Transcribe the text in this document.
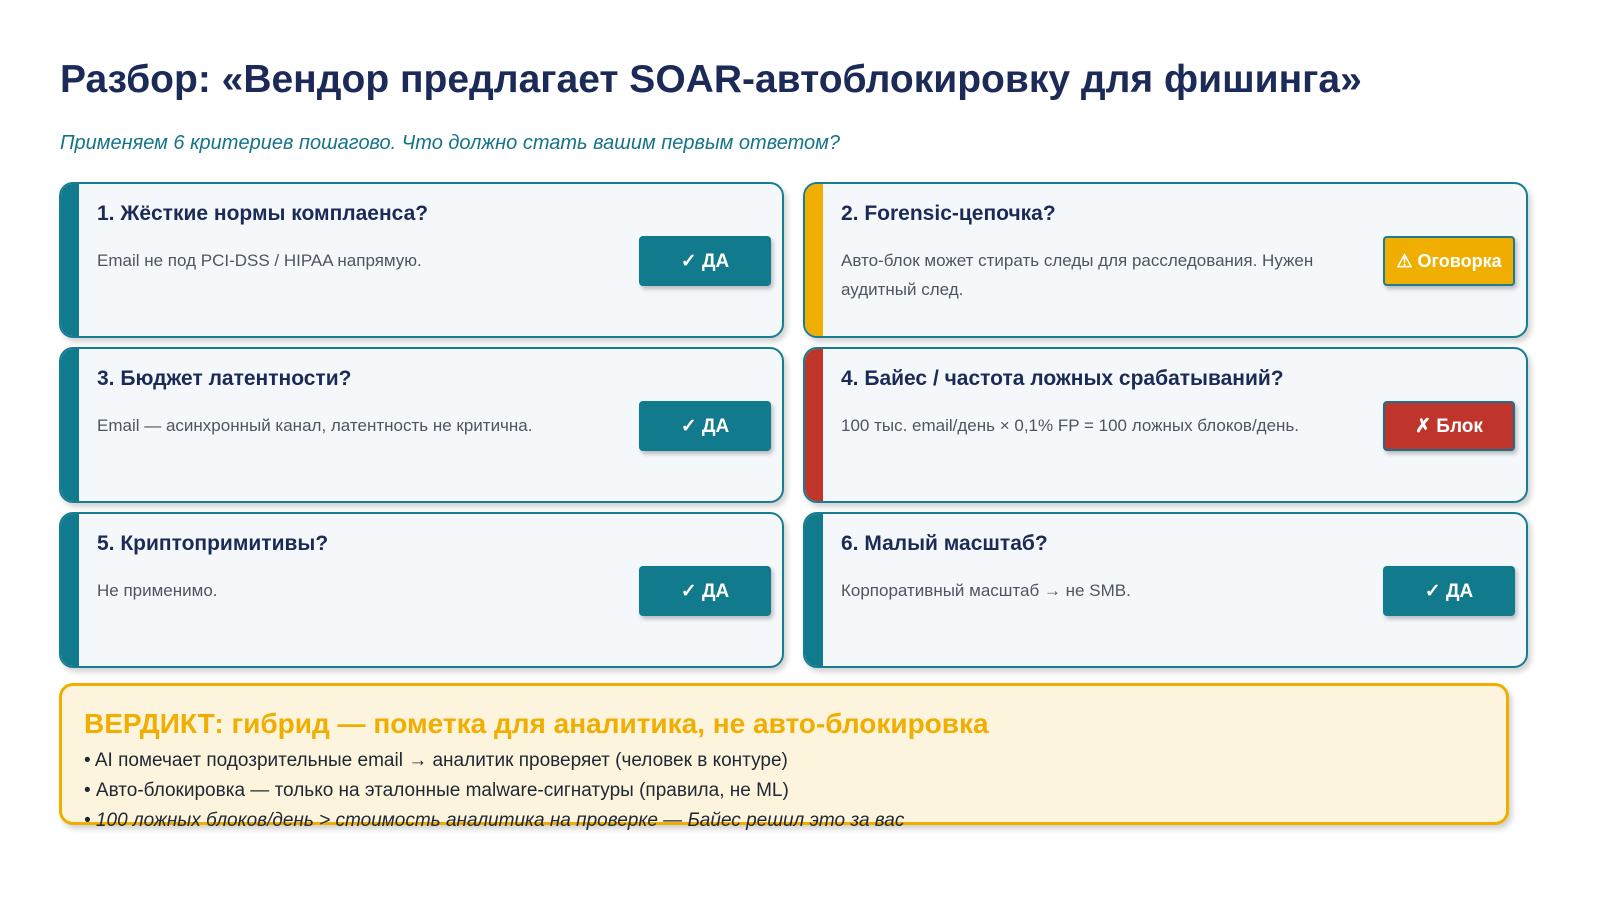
Разбор: «Вендор предлагает SOAR-автоблокировку для фишинга»
Применяем 6 критериев пошагово. Что должно стать вашим первым ответом?
1. Жёсткие нормы комплаенса?
Email не под PCI-DSS / HIPAA напрямую.	✓ ДА
2. Forensic-цепочка?
Авто-блок может стирать следы для расследования. Нужен аудитный след.
⚠ Оговорка
3. Бюджет латентности?
Email — асинхронный канал, латентность не критична.	✓ ДА
4. Байес / частота ложных срабатываний?
100 тыс. email/день × 0,1% FP = 100 ложных блоков/день.	✗ Блок
5. Криптопримитивы?
Не применимо.	✓ ДА
6. Малый масштаб?
Корпоративный масштаб → не SMB.	✓ ДА
ВЕРДИКТ: гибрид — пометка для аналитика, не авто-блокировка
• AI помечает подозрительные email → аналитик проверяет (человек в контуре)
• Авто-блокировка — только на эталонные malware-сигнатуры (правила, не ML)
• 100 ложных блоков/день > стоимость аналитика на проверке — Байес решил это за вас
